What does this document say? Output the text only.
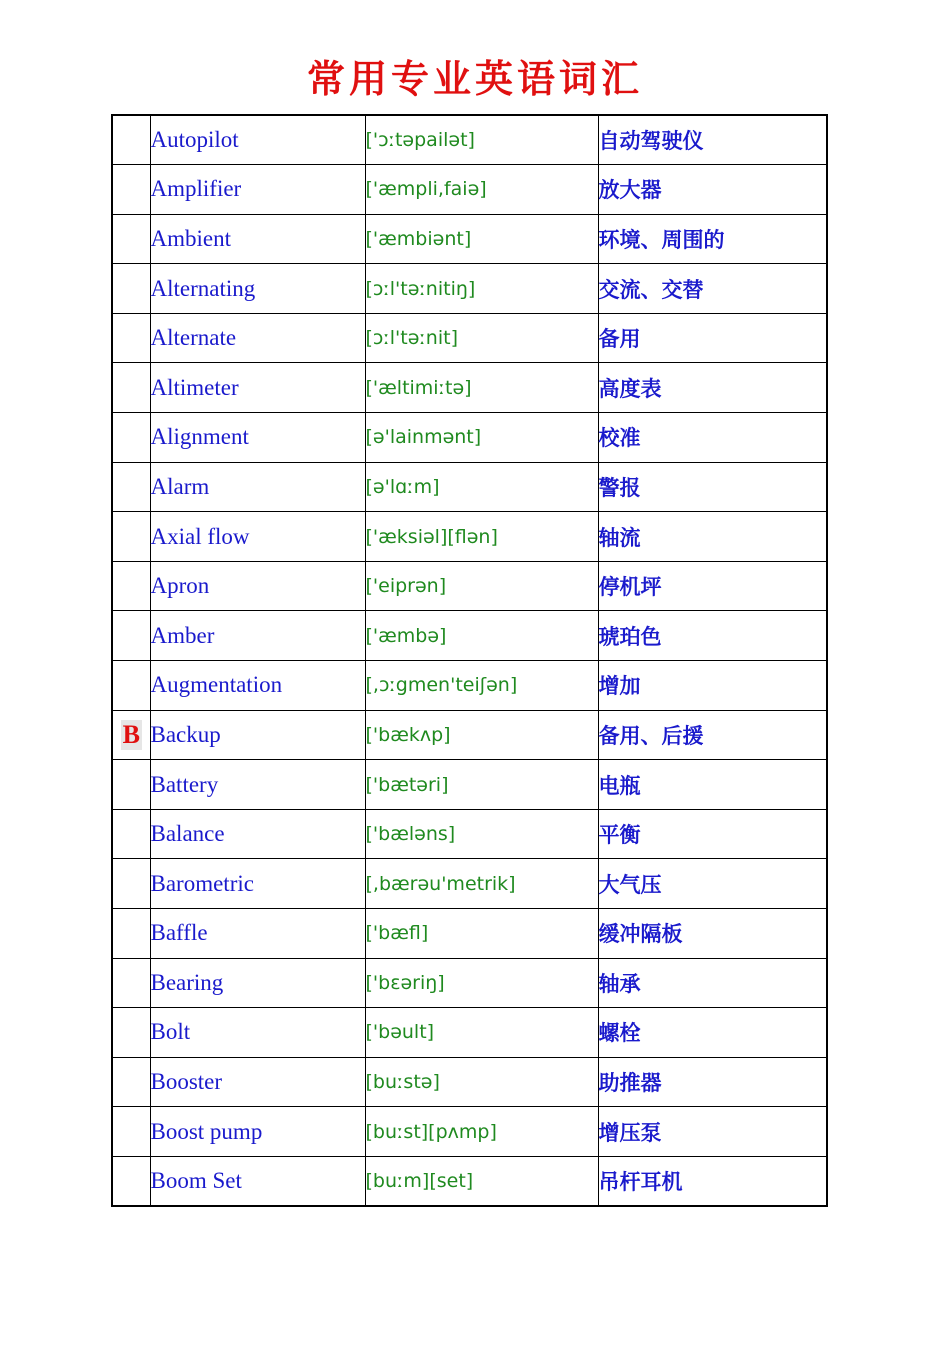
常用专业英语词汇
	Autopilot	['ɔːtəpailət]	自动驾驶仪
	Amplifier	['æmpli,faiə]	放大器
	Ambient	['æmbiənt]	环境、周围的
	Alternating	[ɔːl'təːnitiŋ]	交流、交替
	Alternate	[ɔːl'təːnit]	备用
	Altimeter	['æltimiːtə]	高度表
	Alignment	[ə'lainmənt]	校准
	Alarm	[ə'lɑːm]	警报
	Axial flow	['æksiəl][flən]	轴流
	Apron	['eiprən]	停机坪
	Amber	['æmbə]	琥珀色
	Augmentation	[,ɔːgmen'teiʃən]	增加
B	Backup	['bækʌp]	备用、后援
	Battery	['bætəri]	电瓶
	Balance	['bæləns]	平衡
	Barometric	[,bærəu'metrik]	大气压
	Baffle	['bæfl]	缓冲隔板
	Bearing	['bɛəriŋ]	轴承
	Bolt	['bəult]	螺栓
	Booster	[buːstə]	助推器
	Boost pump	[buːst][pʌmp]	增压泵
	Boom Set	[buːm][set]	吊杆耳机
